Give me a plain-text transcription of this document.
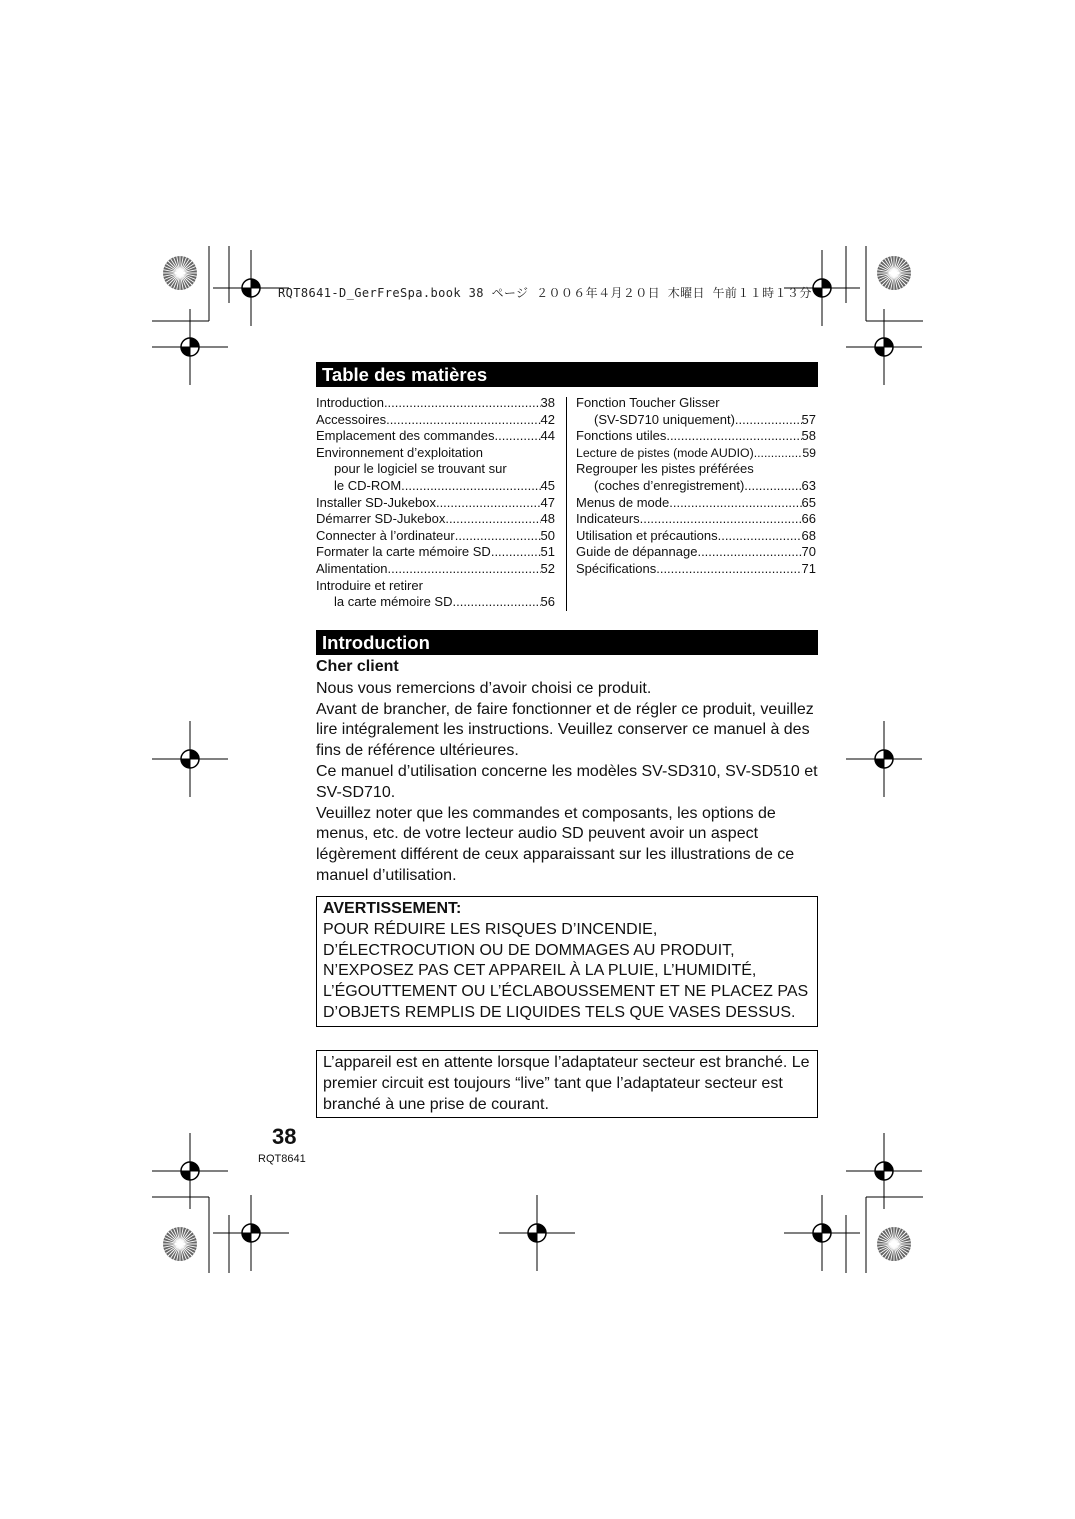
RQT8641-D_GerFreSpa.book 38 ページ ２００６年４月２０日 木曜日 午前１１時１３分
Table des matières
Introduction .....	38
Accessoires .....	42
Emplacement des commandes .....	44
Environnement d’exploitation
pour le logiciel se trouvant sur
le CD-ROM .....	45
Installer SD-Jukebox .....	47
Démarrer SD-Jukebox .....	48
Connecter à l’ordinateur .....	50
Formater la carte mémoire SD .....	51
Alimentation .....	52
Introduire et retirer
la carte mémoire SD .....	56
Fonction Toucher Glisser
(SV-SD710 uniquement) .....	57
Fonctions utiles .....	58
Lecture de pistes (mode AUDIO) .....	59
Regrouper les pistes préférées
(coches d’enregistrement) .....	63
Menus de mode .....	65
Indicateurs .....	66
Utilisation et précautions .....	68
Guide de dépannage .....	70
Spécifications .....	71
Introduction
Cher client

Nous vous remercions d’avoir choisi ce produit.

Avant de brancher, de faire fonctionner et de régler ce produit, veuillez lire intégralement les instructions. Veuillez conserver ce manuel à des fins de référence ultérieures.

Ce manuel d’utilisation concerne les modèles SV-SD310, SV-SD510 et SV-SD710.

Veuillez noter que les commandes et composants, les options de menus, etc. de votre lecteur audio SD peuvent avoir un aspect légèrement différent de ceux apparaissant sur les illustrations de ce manuel d’utilisation.

AVERTISSEMENT:

POUR RÉDUIRE LES RISQUES D’INCENDIE, D’ÉLECTROCUTION OU DE DOMMAGES AU PRODUIT, N’EXPOSEZ PAS CET APPAREIL À LA PLUIE, L’HUMIDITÉ, L’ÉGOUTTEMENT OU L’ÉCLABOUSSEMENT ET NE PLACEZ PAS D’OBJETS REMPLIS DE LIQUIDES TELS QUE VASES DESSUS.

L’appareil est en attente lorsque l’adaptateur secteur est branché. Le premier circuit est toujours “live” tant que l’adaptateur secteur est branché à une prise de courant.

38
RQT8641
